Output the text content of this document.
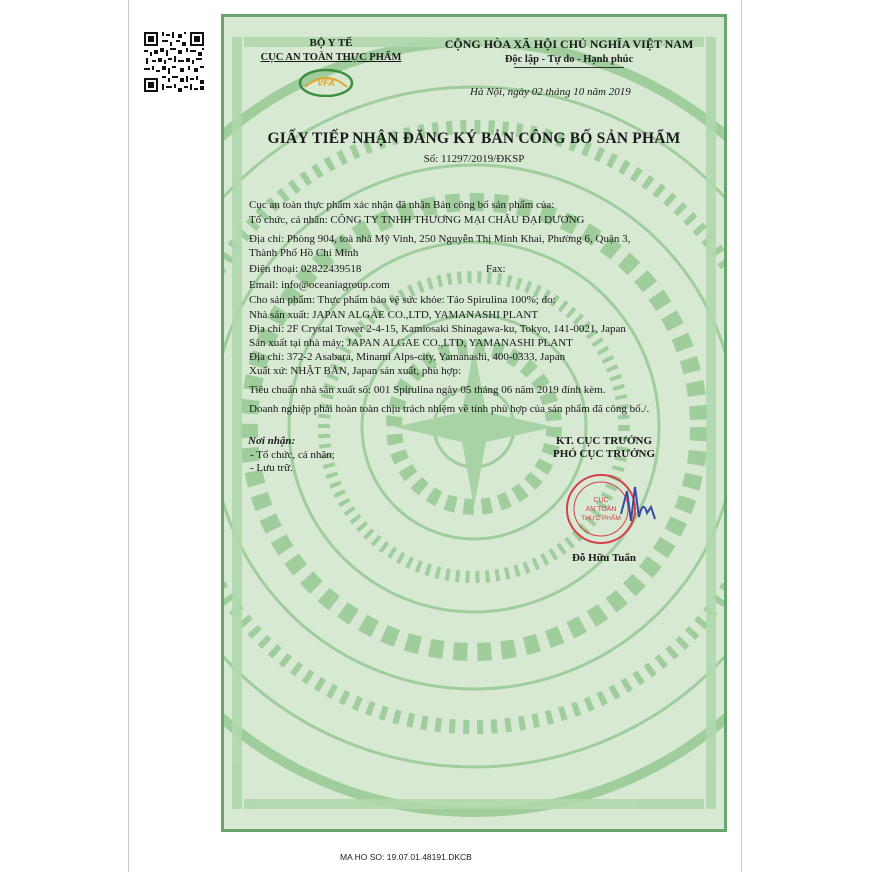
BỘ Y TẾ
CỤC AN TOÀN THỰC PHẨM
VFA
CỘNG HÒA XÃ HỘI CHỦ NGHĨA VIỆT NAM
Độc lập - Tự do - Hạnh phúc
Hà Nội, ngày 02 tháng 10 năm 2019
GIẤY TIẾP NHẬN ĐĂNG KÝ BẢN CÔNG BỐ SẢN PHẨM
Số: 11297/2019/ĐKSP
Cục an toàn thực phẩm xác nhận đã nhận Bản công bố sản phẩm của:
Tổ chức, cá nhân: CÔNG TY TNHH THƯƠNG MẠI CHÂU ĐẠI DƯƠNG
Địa chỉ: Phòng 904, toà nhà Mỹ Vinh, 250 Nguyễn Thị Minh Khai, Phường 6, Quận 3,
Thành Phố Hồ Chí Minh
Điện thoại: 02822439518	Fax:
Email: info@oceaniagroup.com
Cho sản phẩm: Thực phẩm bảo vệ sức khỏe: Tảo Spirulina 100%; do:
Nhà sản xuất: JAPAN ALGAE CO.,LTD, YAMANASHI PLANT
Địa chỉ: 2F Crystal Tower 2-4-15, Kamiosaki Shinagawa-ku, Tokyo, 141-0021, Japan
Sản xuất tại nhà máy: JAPAN ALGAE CO.,LTD, YAMANASHI PLANT
Địa chỉ: 372-2 Asabara, Minami Alps-city, Yamanashi, 400-0333, Japan
Xuất xứ: NHẬT BẢN, Japan sản xuất, phù hợp:
Tiêu chuẩn nhà sản xuất số: 001 Spirulina ngày 05 tháng 06 năm 2019 đính kèm.
Doanh nghiệp phải hoàn toàn chịu trách nhiệm về tính phù hợp của sản phẩm đã công bố./.
Nơi nhận:
- Tổ chức, cá nhân;
- Lưu trữ.
KT. CỤC TRƯỞNG
PHÓ CỤC TRƯỞNG
CỤC
AN TOÀN
THỰC PHẨM
Đỗ Hữu Tuấn
MA HO SO: 19.07.01.48191.DKCB
